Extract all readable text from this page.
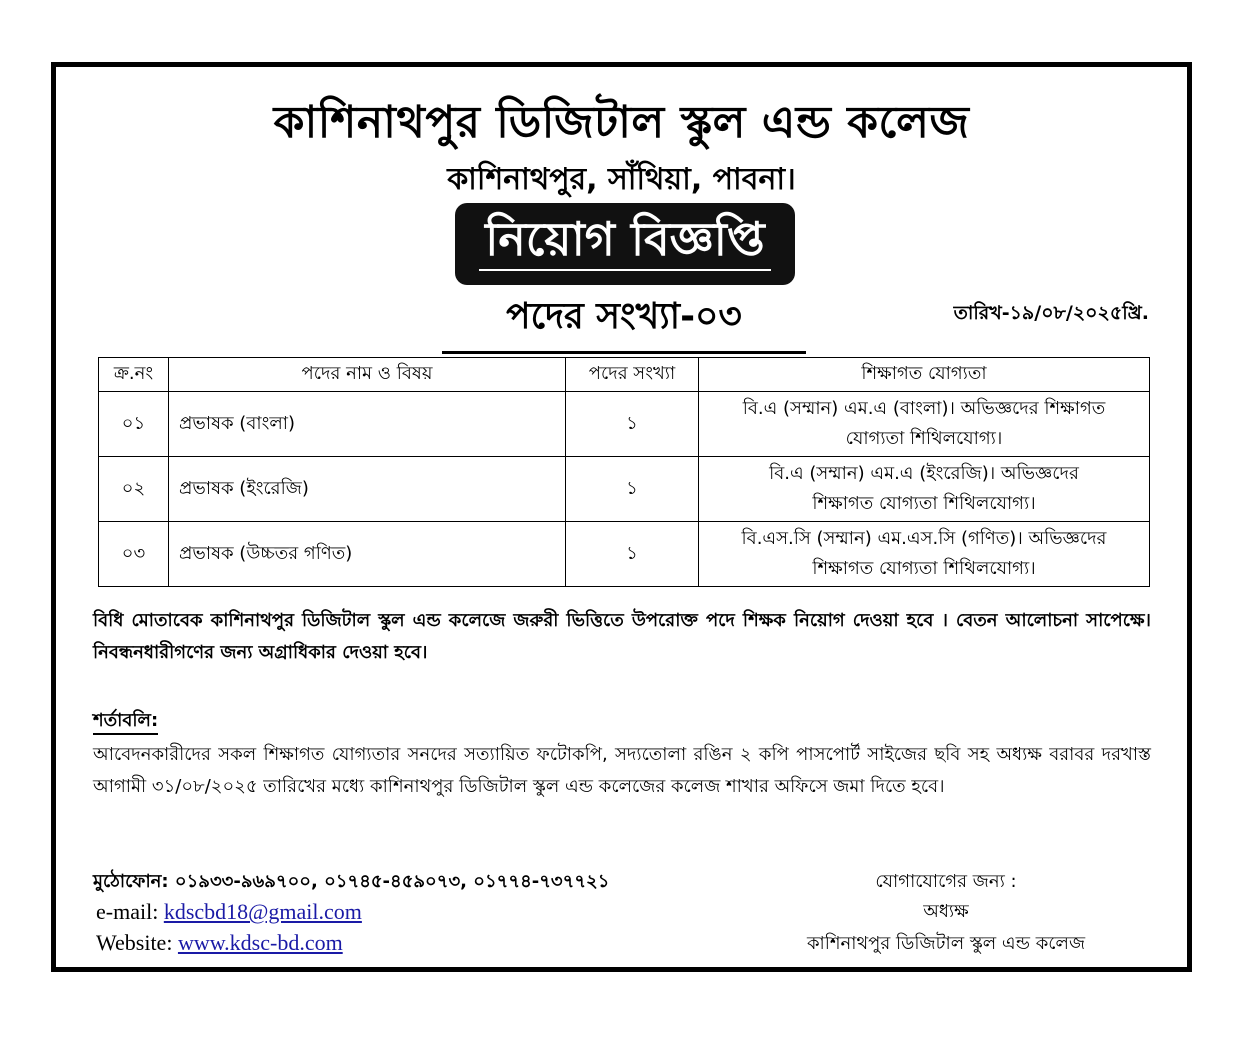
কাশিনাথপুর ডিজিটাল স্কুল এন্ড কলেজ
কাশিনাথপুর, সাঁথিয়া, পাবনা।
নিয়োগ বিজ্ঞপ্তি
পদের সংখ্যা-০৩	তারিখ-১৯/০৮/২০২৫খ্রি.
ক্র.নং	পদের নাম ও বিষয়	পদের সংখ্যা	শিক্ষাগত যোগ্যতা
০১	প্রভাষক (বাংলা)	১	বি.এ (সম্মান) এম.এ (বাংলা)। অভিজ্ঞদের শিক্ষাগত
যোগ্যতা শিথিলযোগ্য।

০২	প্রভাষক (ইংরেজি)	১	বি.এ (সম্মান) এম.এ (ইংরেজি)। অভিজ্ঞদের
শিক্ষাগত যোগ্যতা শিথিলযোগ্য।

০৩	প্রভাষক (উচ্চতর গণিত)	১	বি.এস.সি (সম্মান) এম.এস.সি (গণিত)। অভিজ্ঞদের
শিক্ষাগত যোগ্যতা শিথিলযোগ্য।
বিধি মোতাবেক কাশিনাথপুর ডিজিটাল স্কুল এন্ড কলেজে জরুরী ভিত্তিতে উপরোক্ত পদে শিক্ষক নিয়োগ দেওয়া হবে । বেতন আলোচনা সাপেক্ষে। নিবন্ধনধারীগণের জন্য অগ্রাধিকার দেওয়া হবে।
শর্তাবলি:
আবেদনকারীদের সকল শিক্ষাগত যোগ্যতার সনদের সত্যায়িত ফটোকপি, সদ্যতোলা রঙিন ২ কপি পাসপোর্ট সাইজের ছবি সহ অধ্যক্ষ বরাবর দরখাস্ত আগামী ৩১/০৮/২০২৫ তারিখের মধ্যে কাশিনাথপুর ডিজিটাল স্কুল এন্ড কলেজের কলেজ শাখার অফিসে জমা দিতে হবে।
মুঠোফোন: ০১৯৩৩-৯৬৯৭০০, ০১৭৪৫-৪৫৯০৭৩, ০১৭৭৪-৭৩৭৭২১
e-mail: kdscbd18@gmail.com
Website: www.kdsc-bd.com
যোগাযোগের জন্য :
অধ্যক্ষ
কাশিনাথপুর ডিজিটাল স্কুল এন্ড কলেজ
